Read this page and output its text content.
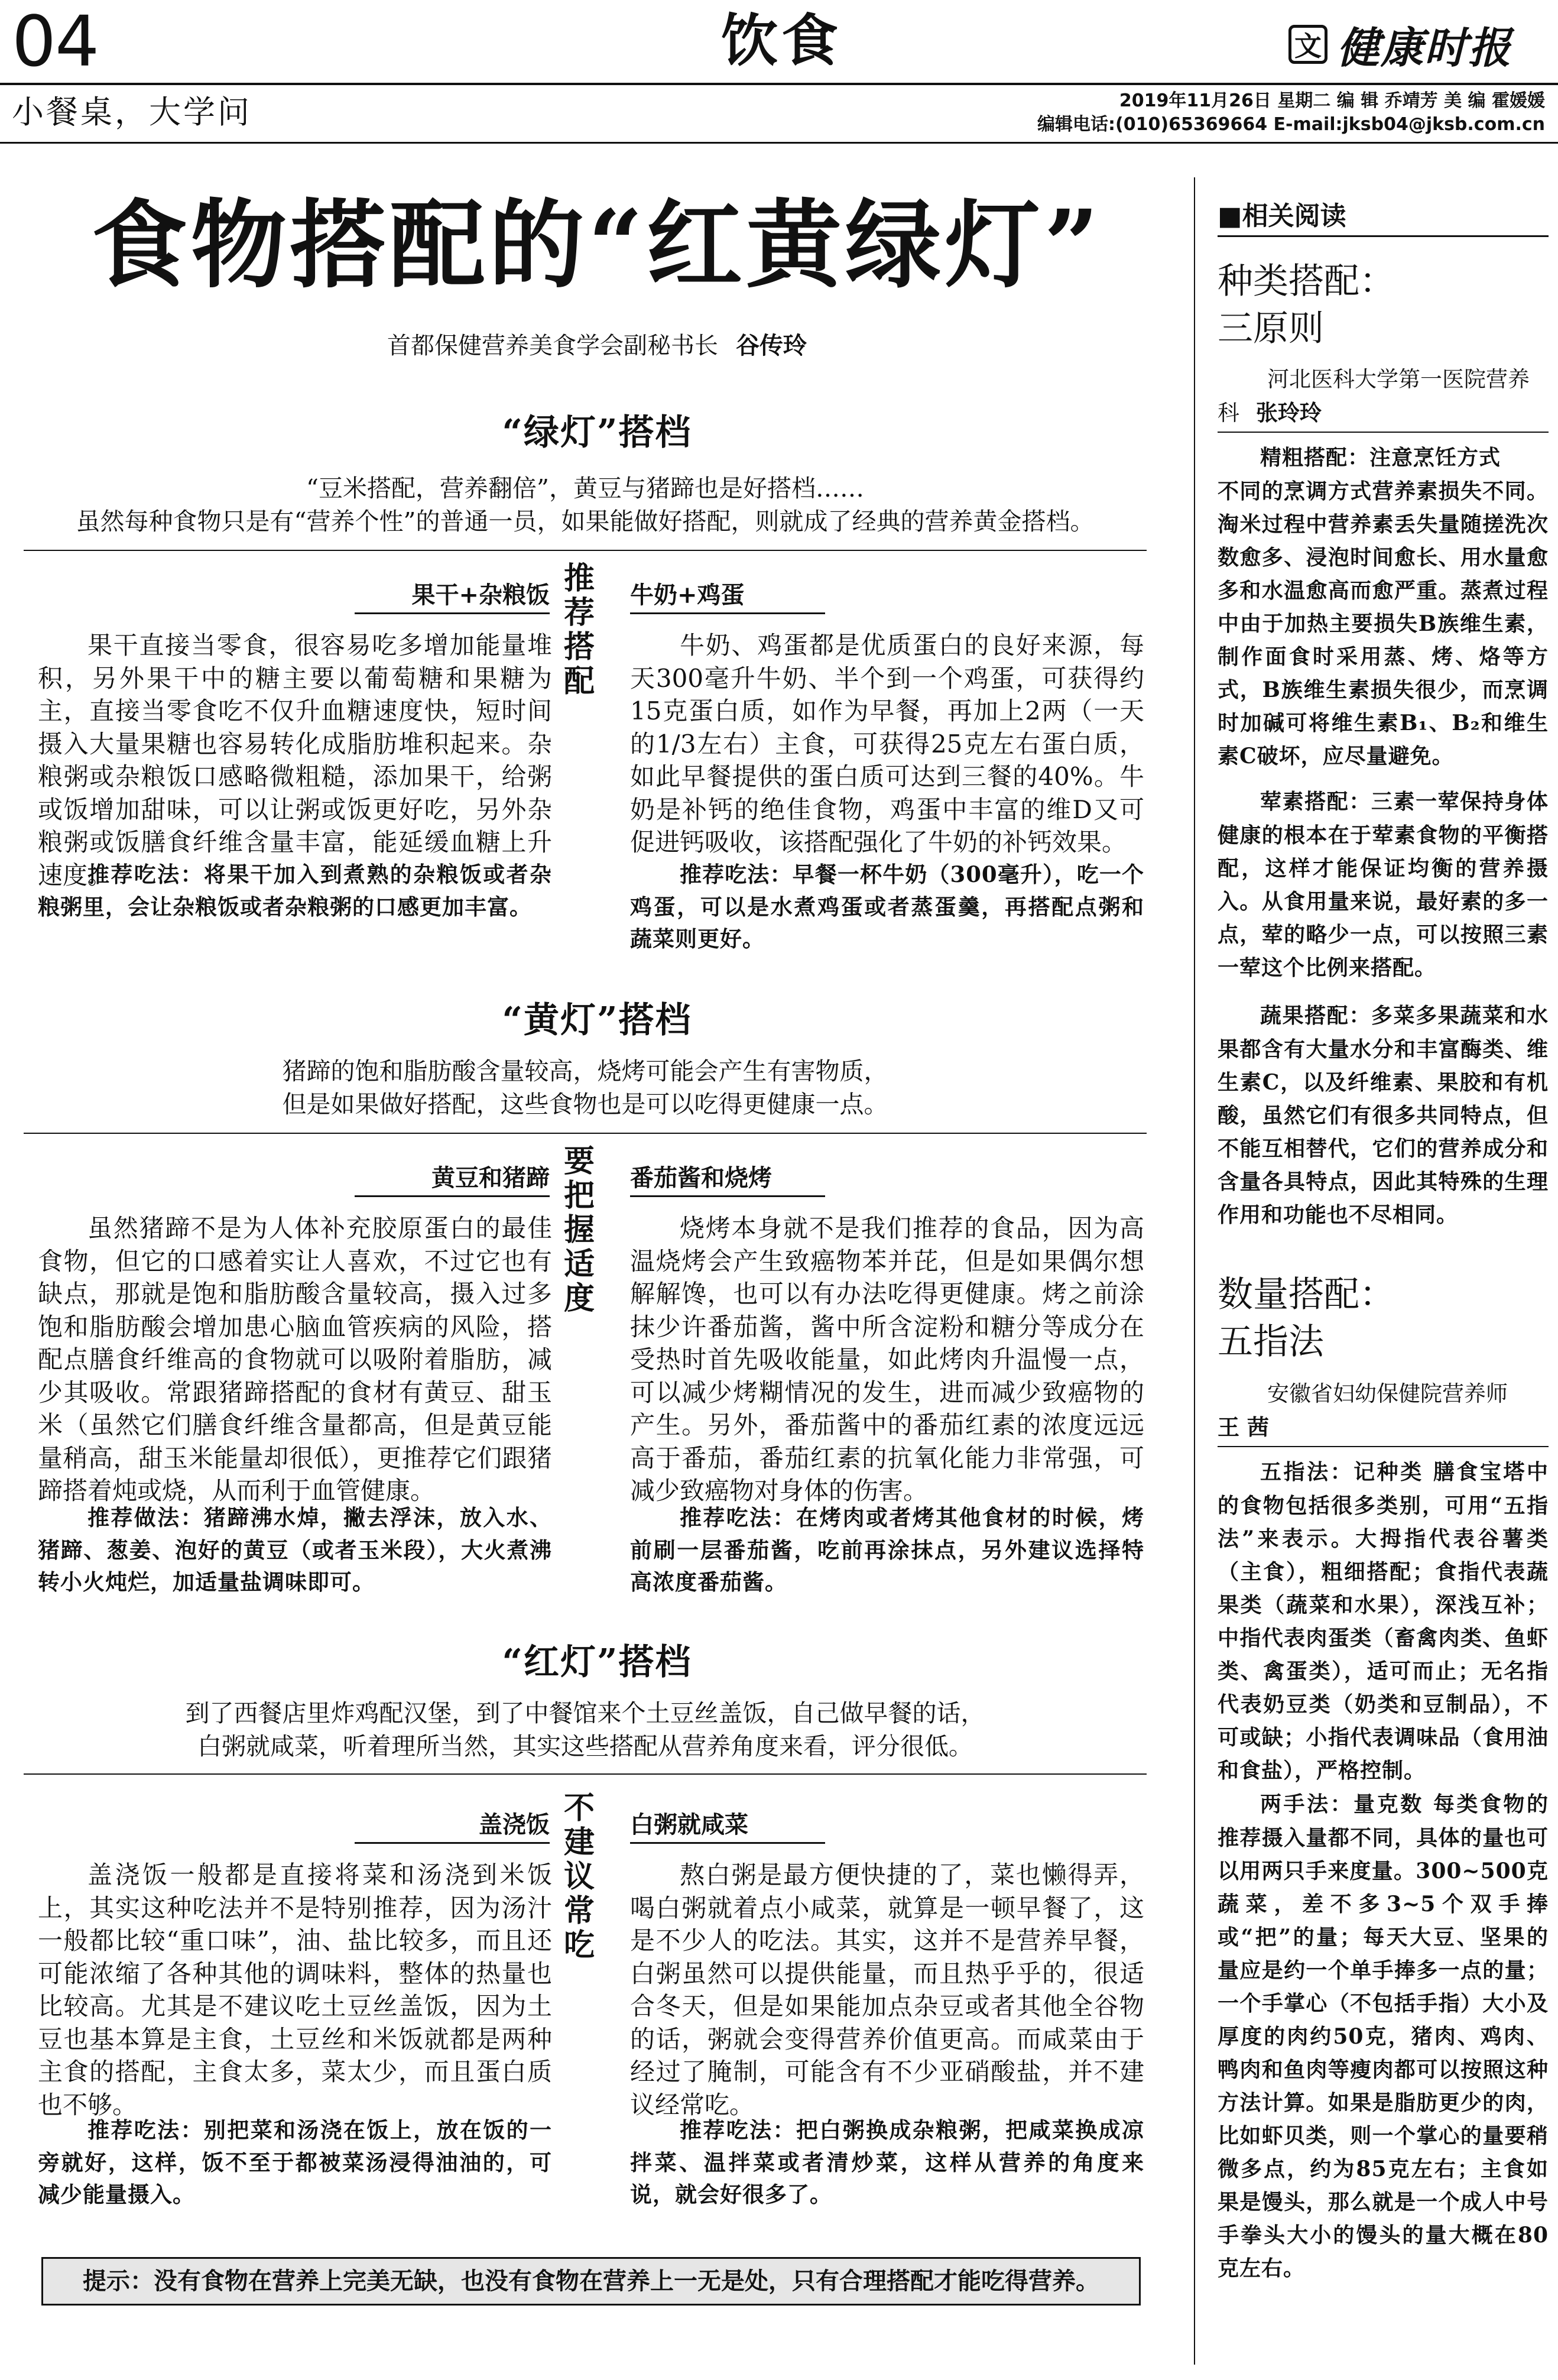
04	饮食	文 健康时报
小餐桌，大学问	2019年11月26日 星期二 编 辑 乔靖芳 美 编 霍媛媛
编辑电话:(010)65369664 E-mail:jksb04@jksb.com.cn
食物搭配的“红黄绿灯”
首都保健营养美食学会副秘书长 谷传玲
“绿灯”搭档
“豆米搭配，营养翻倍”，黄豆与猪蹄也是好搭档……
虽然每种食物只是有“营养个性”的普通一员，如果能做好搭配，则就成了经典的营养黄金搭档。
果干+杂粮饭 推荐搭配
牛奶+鸡蛋
果干直接当零食，很容易吃多增加能量堆积，另外果干中的糖主要以葡萄糖和果糖为主，直接当零食吃不仅升血糖速度快，短时间摄入大量果糖也容易转化成脂肪堆积起来。杂粮粥或杂粮饭口感略微粗糙，添加果干，给粥或饭增加甜味，可以让粥或饭更好吃，另外杂粮粥或饭膳食纤维含量丰富，能延缓血糖上升速度。
推荐吃法：将果干加入到煮熟的杂粮饭或者杂粮粥里，会让杂粮饭或者杂粮粥的口感更加丰富。
牛奶、鸡蛋都是优质蛋白的良好来源，每天300毫升牛奶、半个到一个鸡蛋，可获得约15克蛋白质，如作为早餐，再加上2两（一天的1/3左右）主食，可获得25克左右蛋白质，如此早餐提供的蛋白质可达到三餐的40%。牛奶是补钙的绝佳食物，鸡蛋中丰富的维D又可促进钙吸收，该搭配强化了牛奶的补钙效果。
推荐吃法：早餐一杯牛奶（300毫升），吃一个鸡蛋，可以是水煮鸡蛋或者蒸蛋羹，再搭配点粥和蔬菜则更好。
“黄灯”搭档
猪蹄的饱和脂肪酸含量较高，烧烤可能会产生有害物质，
但是如果做好搭配，这些食物也是可以吃得更健康一点。
黄豆和猪蹄 要把握适度
番茄酱和烧烤
虽然猪蹄不是为人体补充胶原蛋白的最佳食物，但它的口感着实让人喜欢，不过它也有缺点，那就是饱和脂肪酸含量较高，摄入过多饱和脂肪酸会增加患心脑血管疾病的风险，搭配点膳食纤维高的食物就可以吸附着脂肪，减少其吸收。常跟猪蹄搭配的食材有黄豆、甜玉米（虽然它们膳食纤维含量都高，但是黄豆能量稍高，甜玉米能量却很低），更推荐它们跟猪蹄搭着炖或烧，从而利于血管健康。
推荐做法：猪蹄沸水焯，撇去浮沫，放入水、猪蹄、葱姜、泡好的黄豆（或者玉米段），大火煮沸转小火炖烂，加适量盐调味即可。
烧烤本身就不是我们推荐的食品，因为高温烧烤会产生致癌物苯并芘，但是如果偶尔想解解馋，也可以有办法吃得更健康。烤之前涂抹少许番茄酱，酱中所含淀粉和糖分等成分在受热时首先吸收能量，如此烤肉升温慢一点，可以减少烤糊情况的发生，进而减少致癌物的产生。另外，番茄酱中的番茄红素的浓度远远高于番茄，番茄红素的抗氧化能力非常强，可减少致癌物对身体的伤害。
推荐吃法：在烤肉或者烤其他食材的时候，烤前刷一层番茄酱，吃前再涂抹点，另外建议选择特高浓度番茄酱。
“红灯”搭档
到了西餐店里炸鸡配汉堡，到了中餐馆来个土豆丝盖饭，自己做早餐的话，
白粥就咸菜，听着理所当然，其实这些搭配从营养角度来看，评分很低。
盖浇饭 不建议常吃
白粥就咸菜
盖浇饭一般都是直接将菜和汤浇到米饭上，其实这种吃法并不是特别推荐，因为汤汁一般都比较“重口味”，油、盐比较多，而且还可能浓缩了各种其他的调味料，整体的热量也比较高。尤其是不建议吃土豆丝盖饭，因为土豆也基本算是主食，土豆丝和米饭就都是两种主食的搭配，主食太多，菜太少，而且蛋白质也不够。
推荐吃法：别把菜和汤浇在饭上，放在饭的一旁就好，这样，饭不至于都被菜汤浸得油油的，可减少能量摄入。
熬白粥是最方便快捷的了，菜也懒得弄，喝白粥就着点小咸菜，就算是一顿早餐了，这是不少人的吃法。其实，这并不是营养早餐，白粥虽然可以提供能量，而且热乎乎的，很适合冬天，但是如果能加点杂豆或者其他全谷物的话，粥就会变得营养价值更高。而咸菜由于经过了腌制，可能含有不少亚硝酸盐，并不建议经常吃。
推荐吃法：把白粥换成杂粮粥，把咸菜换成凉拌菜、温拌菜或者清炒菜，这样从营养的角度来说，就会好很多了。
提示：没有食物在营养上完美无缺，也没有食物在营养上一无是处，只有合理搭配才能吃得营养。
■相关阅读
种类搭配：
三原则
河北医科大学第一医院营养科 张玲玲
精粗搭配：注意烹饪方式
不同的烹调方式营养素损失不同。淘米过程中营养素丢失量随搓洗次数愈多、浸泡时间愈长、用水量愈多和水温愈高而愈严重。蒸煮过程中由于加热主要损失B族维生素，制作面食时采用蒸、烤、烙等方式，B族维生素损失很少，而烹调时加碱可将维生素B₁、B₂和维生素C破坏，应尽量避免。
荤素搭配：三素一荤保持身体健康的根本在于荤素食物的平衡搭配，这样才能保证均衡的营养摄入。从食用量来说，最好素的多一点，荤的略少一点，可以按照三素一荤这个比例来搭配。
蔬果搭配：多菜多果蔬菜和水果都含有大量水分和丰富酶类、维生素C，以及纤维素、果胶和有机酸，虽然它们有很多共同特点，但不能互相替代，它们的营养成分和含量各具特点，因此其特殊的生理作用和功能也不尽相同。
数量搭配：
五指法
安徽省妇幼保健院营养师
王 茜
五指法：记种类 膳食宝塔中的食物包括很多类别，可用“五指法”来表示。大拇指代表谷薯类（主食），粗细搭配；食指代表蔬果类（蔬菜和水果），深浅互补；中指代表肉蛋类（畜禽肉类、鱼虾类、禽蛋类），适可而止；无名指代表奶豆类（奶类和豆制品），不可或缺；小指代表调味品（食用油和食盐），严格控制。
两手法：量克数 每类食物的推荐摄入量都不同，具体的量也可以用两只手来度量。300~500克蔬菜，差不多3~5个双手捧或“把”的量；每天大豆、坚果的量应是约一个单手捧多一点的量；一个手掌心（不包括手指）大小及厚度的肉约50克，猪肉、鸡肉、鸭肉和鱼肉等瘦肉都可以按照这种方法计算。如果是脂肪更少的肉，比如虾贝类，则一个掌心的量要稍微多点，约为85克左右；主食如果是馒头，那么就是一个成人中号手拳头大小的馒头的量大概在80克左右。
